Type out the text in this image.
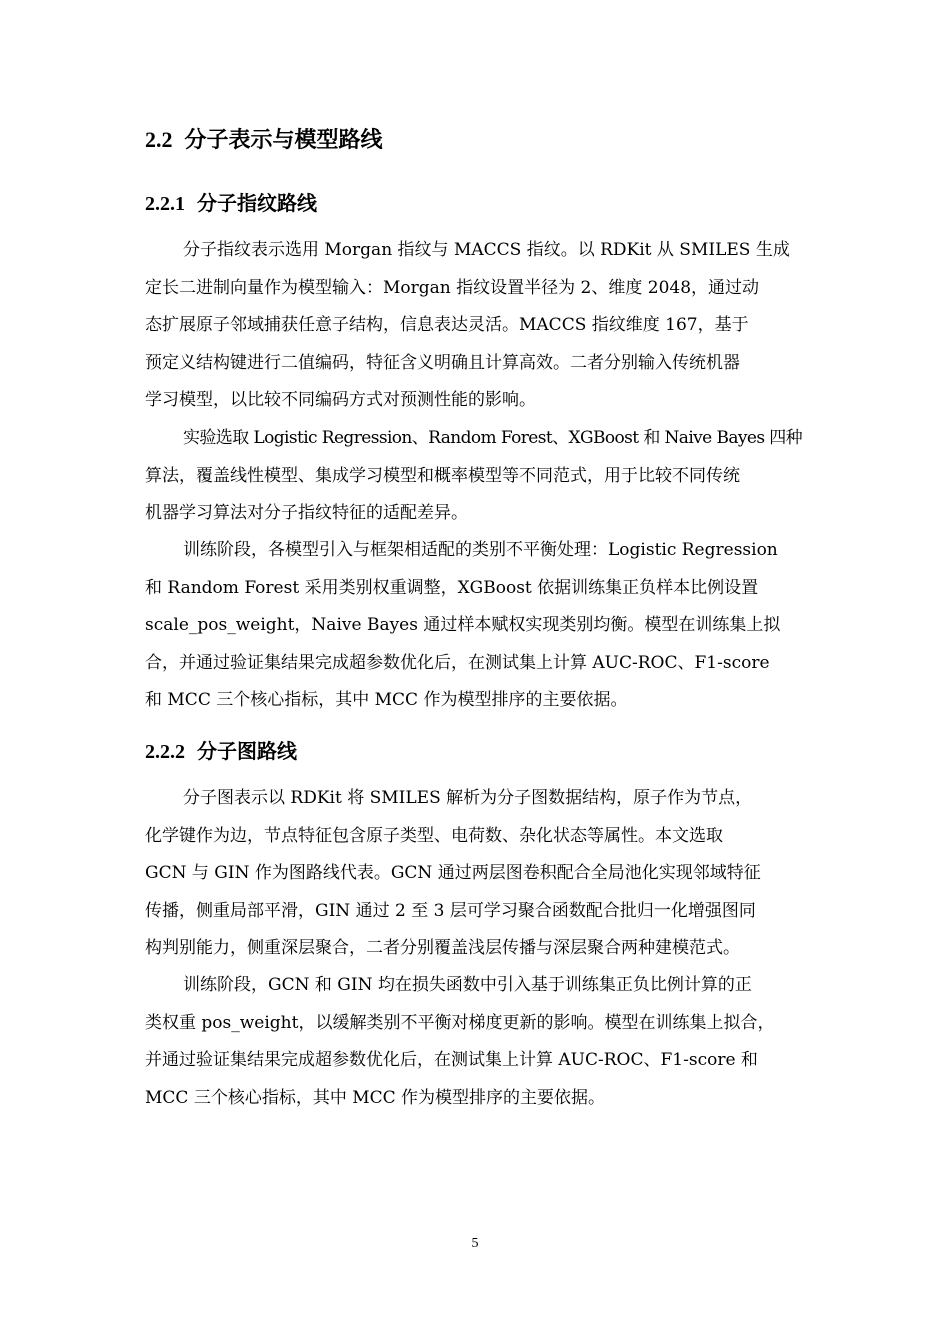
2.2 分子表示与模型路线
2.2.1 分子指纹路线
分子指纹表示选用 Morgan 指纹与 MACCS 指纹。以 RDKit 从 SMILES 生成
定长二进制向量作为模型输入：Morgan 指纹设置半径为 2、维度 2048，通过动
态扩展原子邻域捕获任意子结构，信息表达灵活。MACCS 指纹维度 167，基于
预定义结构键进行二值编码，特征含义明确且计算高效。二者分别输入传统机器
学习模型，以比较不同编码方式对预测性能的影响。
实验选取 Logistic Regression、Random Forest、XGBoost 和 Naive Bayes 四种
算法，覆盖线性模型、集成学习模型和概率模型等不同范式，用于比较不同传统
机器学习算法对分子指纹特征的适配差异。
训练阶段，各模型引入与框架相适配的类别不平衡处理：Logistic Regression
和 Random Forest 采用类别权重调整，XGBoost 依据训练集正负样本比例设置
scale_pos_weight，Naive Bayes 通过样本赋权实现类别均衡。模型在训练集上拟
合，并通过验证集结果完成超参数优化后，在测试集上计算 AUC-ROC、F1-score
和 MCC 三个核心指标，其中 MCC 作为模型排序的主要依据。
2.2.2 分子图路线
分子图表示以 RDKit 将 SMILES 解析为分子图数据结构，原子作为节点，
化学键作为边，节点特征包含原子类型、电荷数、杂化状态等属性。本文选取
GCN 与 GIN 作为图路线代表。GCN 通过两层图卷积配合全局池化实现邻域特征
传播，侧重局部平滑，GIN 通过 2 至 3 层可学习聚合函数配合批归一化增强图同
构判别能力，侧重深层聚合，二者分别覆盖浅层传播与深层聚合两种建模范式。
训练阶段，GCN 和 GIN 均在损失函数中引入基于训练集正负比例计算的正
类权重 pos_weight，以缓解类别不平衡对梯度更新的影响。模型在训练集上拟合，
并通过验证集结果完成超参数优化后，在测试集上计算 AUC-ROC、F1-score 和
MCC 三个核心指标，其中 MCC 作为模型排序的主要依据。
5
